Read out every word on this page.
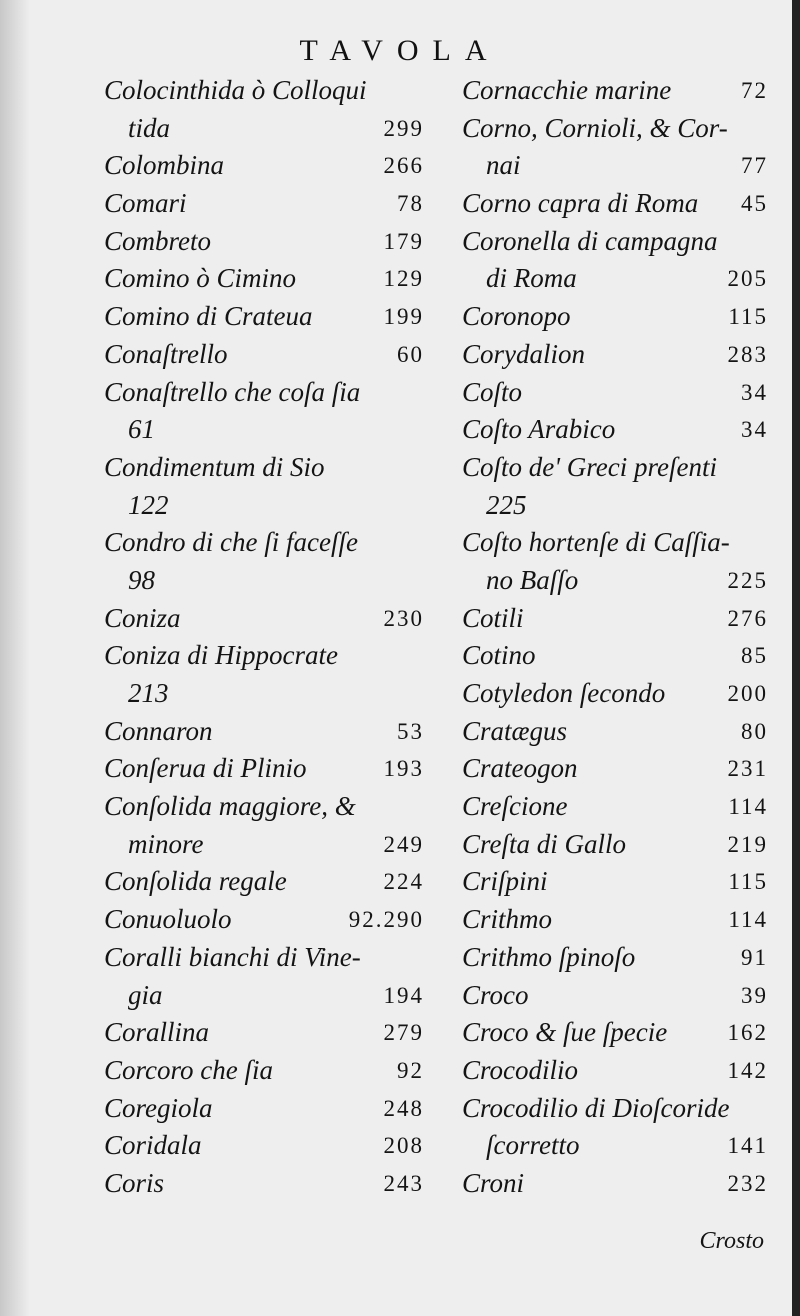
TAVOLA
Colocinthida ò Colloqui
tida	299
Colombina	266
Comari	78
Combreto	179
Comino ò Cimino	129
Comino di Crateua	199
Conaſtrello	60
Conaſtrello che coſa ſia
61
Condimentum di Sio
122
Condro di che ſi faceſſe
98
Coniza	230
Coniza di Hippocrate
213
Connaron	53
Conſerua di Plinio	193
Conſolida maggiore, &
minore	249
Conſolida regale	224
Conuoluolo	92.290
Coralli bianchi di Vine-
gia	194
Corallina	279
Corcoro che ſia	92
Coregiola	248
Coridala	208
Coris	243
Cornacchie marine	72
Corno, Cornioli, & Cor-
nai	77
Corno capra di Roma 45
Coronella di campagna
di Roma	205
Coronopo	115
Corydalion	283
Coſto	34
Coſto Arabico	34
Coſto de' Greci preſenti
225
Coſto hortenſe di Caſſia-
no Baſſo	225
Cotili	276
Cotino	85
Cotyledon ſecondo	200
Cratægus	80
Crateogon	231
Creſcione	114
Creſta di Gallo	219
Criſpini	115
Crithmo	114
Crithmo ſpinoſo	91
Croco	39
Croco & ſue ſpecie	162
Crocodilio	142
Crocodilio di Dioſcoride
ſcorretto	141
Croni	232
Crosto
